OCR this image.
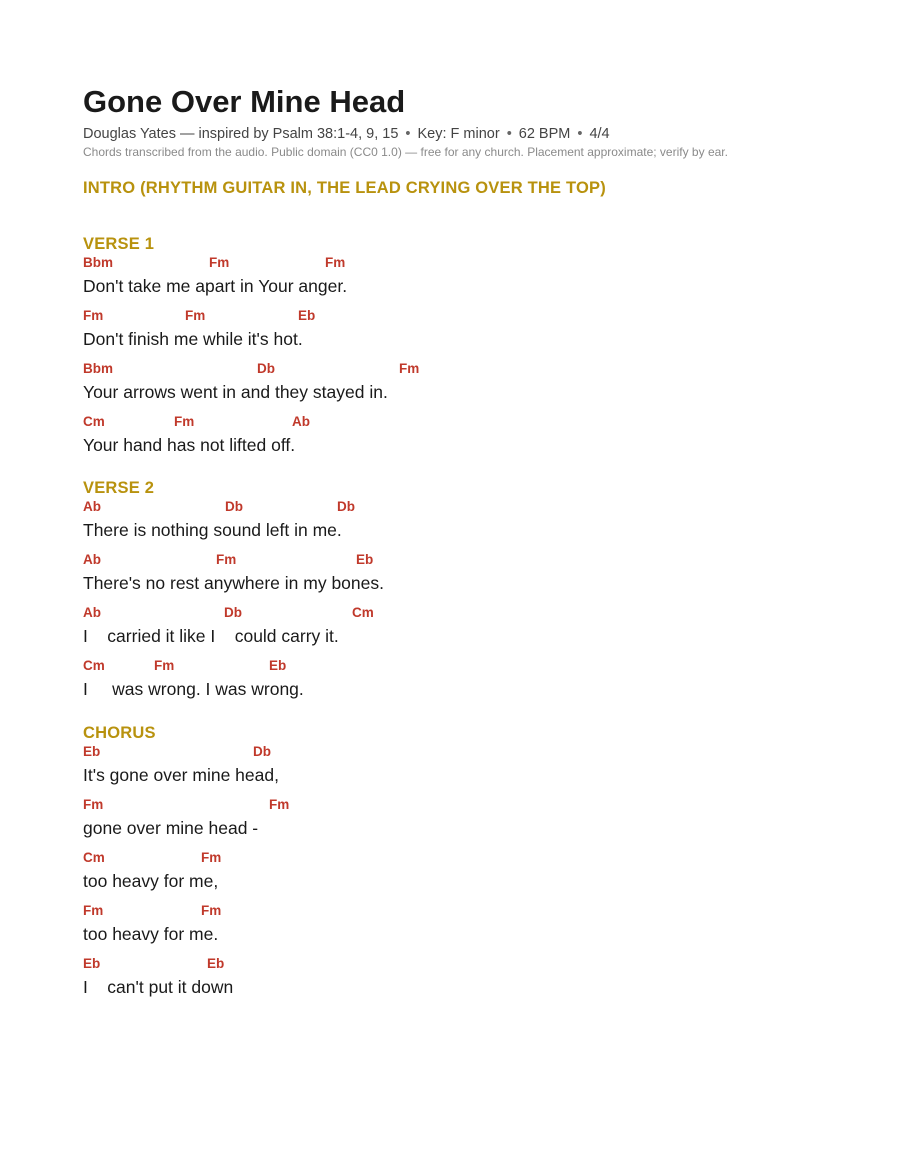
Gone Over Mine Head
Douglas Yates — inspired by Psalm 38:1-4, 9, 15 • Key: F minor • 62 BPM • 4/4
Chords transcribed from the audio. Public domain (CC0 1.0) — free for any church. Placement approximate; verify by ear.
INTRO (RHYTHM GUITAR IN, THE LEAD CRYING OVER THE TOP)
VERSE 1
Bbm	Fm	Fm
Don't take me apart in Your anger.
Fm	Fm	Eb
Don't finish me while it's hot.
Bbm	Db	Fm
Your arrows went in and they stayed in.
Cm	Fm	Ab
Your hand has not lifted off.
VERSE 2
Ab	Db	Db
There is nothing sound left in me.
Ab	Fm	Eb
There's no rest anywhere in my bones.
Ab	Db	Cm
I    carried it like I    could carry it.
Cm	Fm	Eb
I     was wrong. I was wrong.
CHORUS
Eb	Db
It's gone over mine head,
Fm	Fm
gone over mine head -
Cm	Fm
too heavy for me,
Fm	Fm
too heavy for me.
Eb	Eb
I    can't put it down
